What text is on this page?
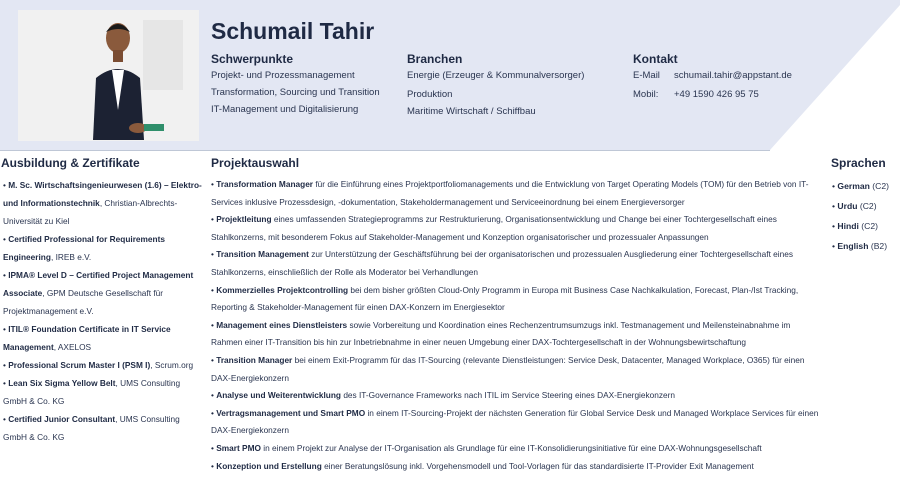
Schumail Tahir
Schwerpunkte
Projekt- und Prozessmanagement
Transformation, Sourcing und Transition
IT-Management und Digitalisierung
Branchen
Energie (Erzeuger & Kommunalversorger)
Produktion
Maritime Wirtschaft / Schiffbau
Kontakt
E-Mail schumail.tahir@appstant.de
Mobil: +49 1590 426 95 75
Ausbildung & Zertifikate	Projektauswahl	Sprachen
• M. Sc. Wirtschaftsingenieurwesen (1.6) – Elektro- und Informationstechnik, Christian-Albrechts-Universität zu Kiel
• Certified Professional for Requirements Engineering, IREB e.V.
• IPMA® Level D – Certified Project Management Associate, GPM Deutsche Gesellschaft für Projektmanagement e.V.
• ITIL® Foundation Certificate in IT Service Management, AXELOS
• Professional Scrum Master I (PSM I), Scrum.org
• Lean Six Sigma Yellow Belt, UMS Consulting GmbH & Co. KG
• Certified Junior Consultant, UMS Consulting GmbH & Co. KG
• Transformation Manager für die Einführung eines Projektportfoliomanagements und die Entwicklung von Target Operating Models (TOM) für den Betrieb von IT-Services inklusive Prozessdesign, -dokumentation, Stakeholdermanagement und Serviceeinordnung bei einem Energieversorger
• Projektleitung eines umfassenden Strategieprogramms zur Restrukturierung, Organisationsentwicklung und Change bei einer Tochtergesellschaft eines Stahlkonzerns, mit besonderem Fokus auf Stakeholder-Management und Konzeption organisatorischer und prozessualer Anpassungen
• Transition Management zur Unterstützung der Geschäftsführung bei der organisatorischen und prozessualen Ausgliederung einer Tochtergesellschaft eines Stahlkonzerns, einschließlich der Rolle als Moderator bei Verhandlungen
• Kommerzielles Projektcontrolling bei dem bisher größten Cloud-Only Programm in Europa mit Business Case Nachkalkulation, Forecast, Plan-/Ist Tracking, Reporting & Stakeholder-Management für einen DAX-Konzern im Energiesektor
• Management eines Dienstleisters sowie Vorbereitung und Koordination eines Rechenzentrumsumzugs inkl. Testmanagement und Meilensteinabnahme im Rahmen einer IT-Transition bis hin zur Inbetriebnahme in einer neuen Umgebung einer DAX-Tochtergesellschaft in der Wohnungsbewirtschaftung
• Transition Manager bei einem Exit-Programm für das IT-Sourcing (relevante Dienstleistungen: Service Desk, Datacenter, Managed Workplace, O365) für einen DAX-Energiekonzern
• Analyse und Weiterentwicklung des IT-Governance Frameworks nach ITIL im Service Steering eines DAX-Energiekonzern
• Vertragsmanagement und Smart PMO in einem IT-Sourcing-Projekt der nächsten Generation für Global Service Desk und Managed Workplace Services für einen DAX-Energiekonzern
• Smart PMO in einem Projekt zur Analyse der IT-Organisation als Grundlage für eine IT-Konsolidierungsinitiative für eine DAX-Wohnungsgesellschaft
• Konzeption und Erstellung einer Beratungslösung inkl. Vorgehensmodell und Tool-Vorlagen für das standardisierte IT-Provider Exit Management
• German (C2)
• Urdu (C2)
• Hindi (C2)
• English (B2)
